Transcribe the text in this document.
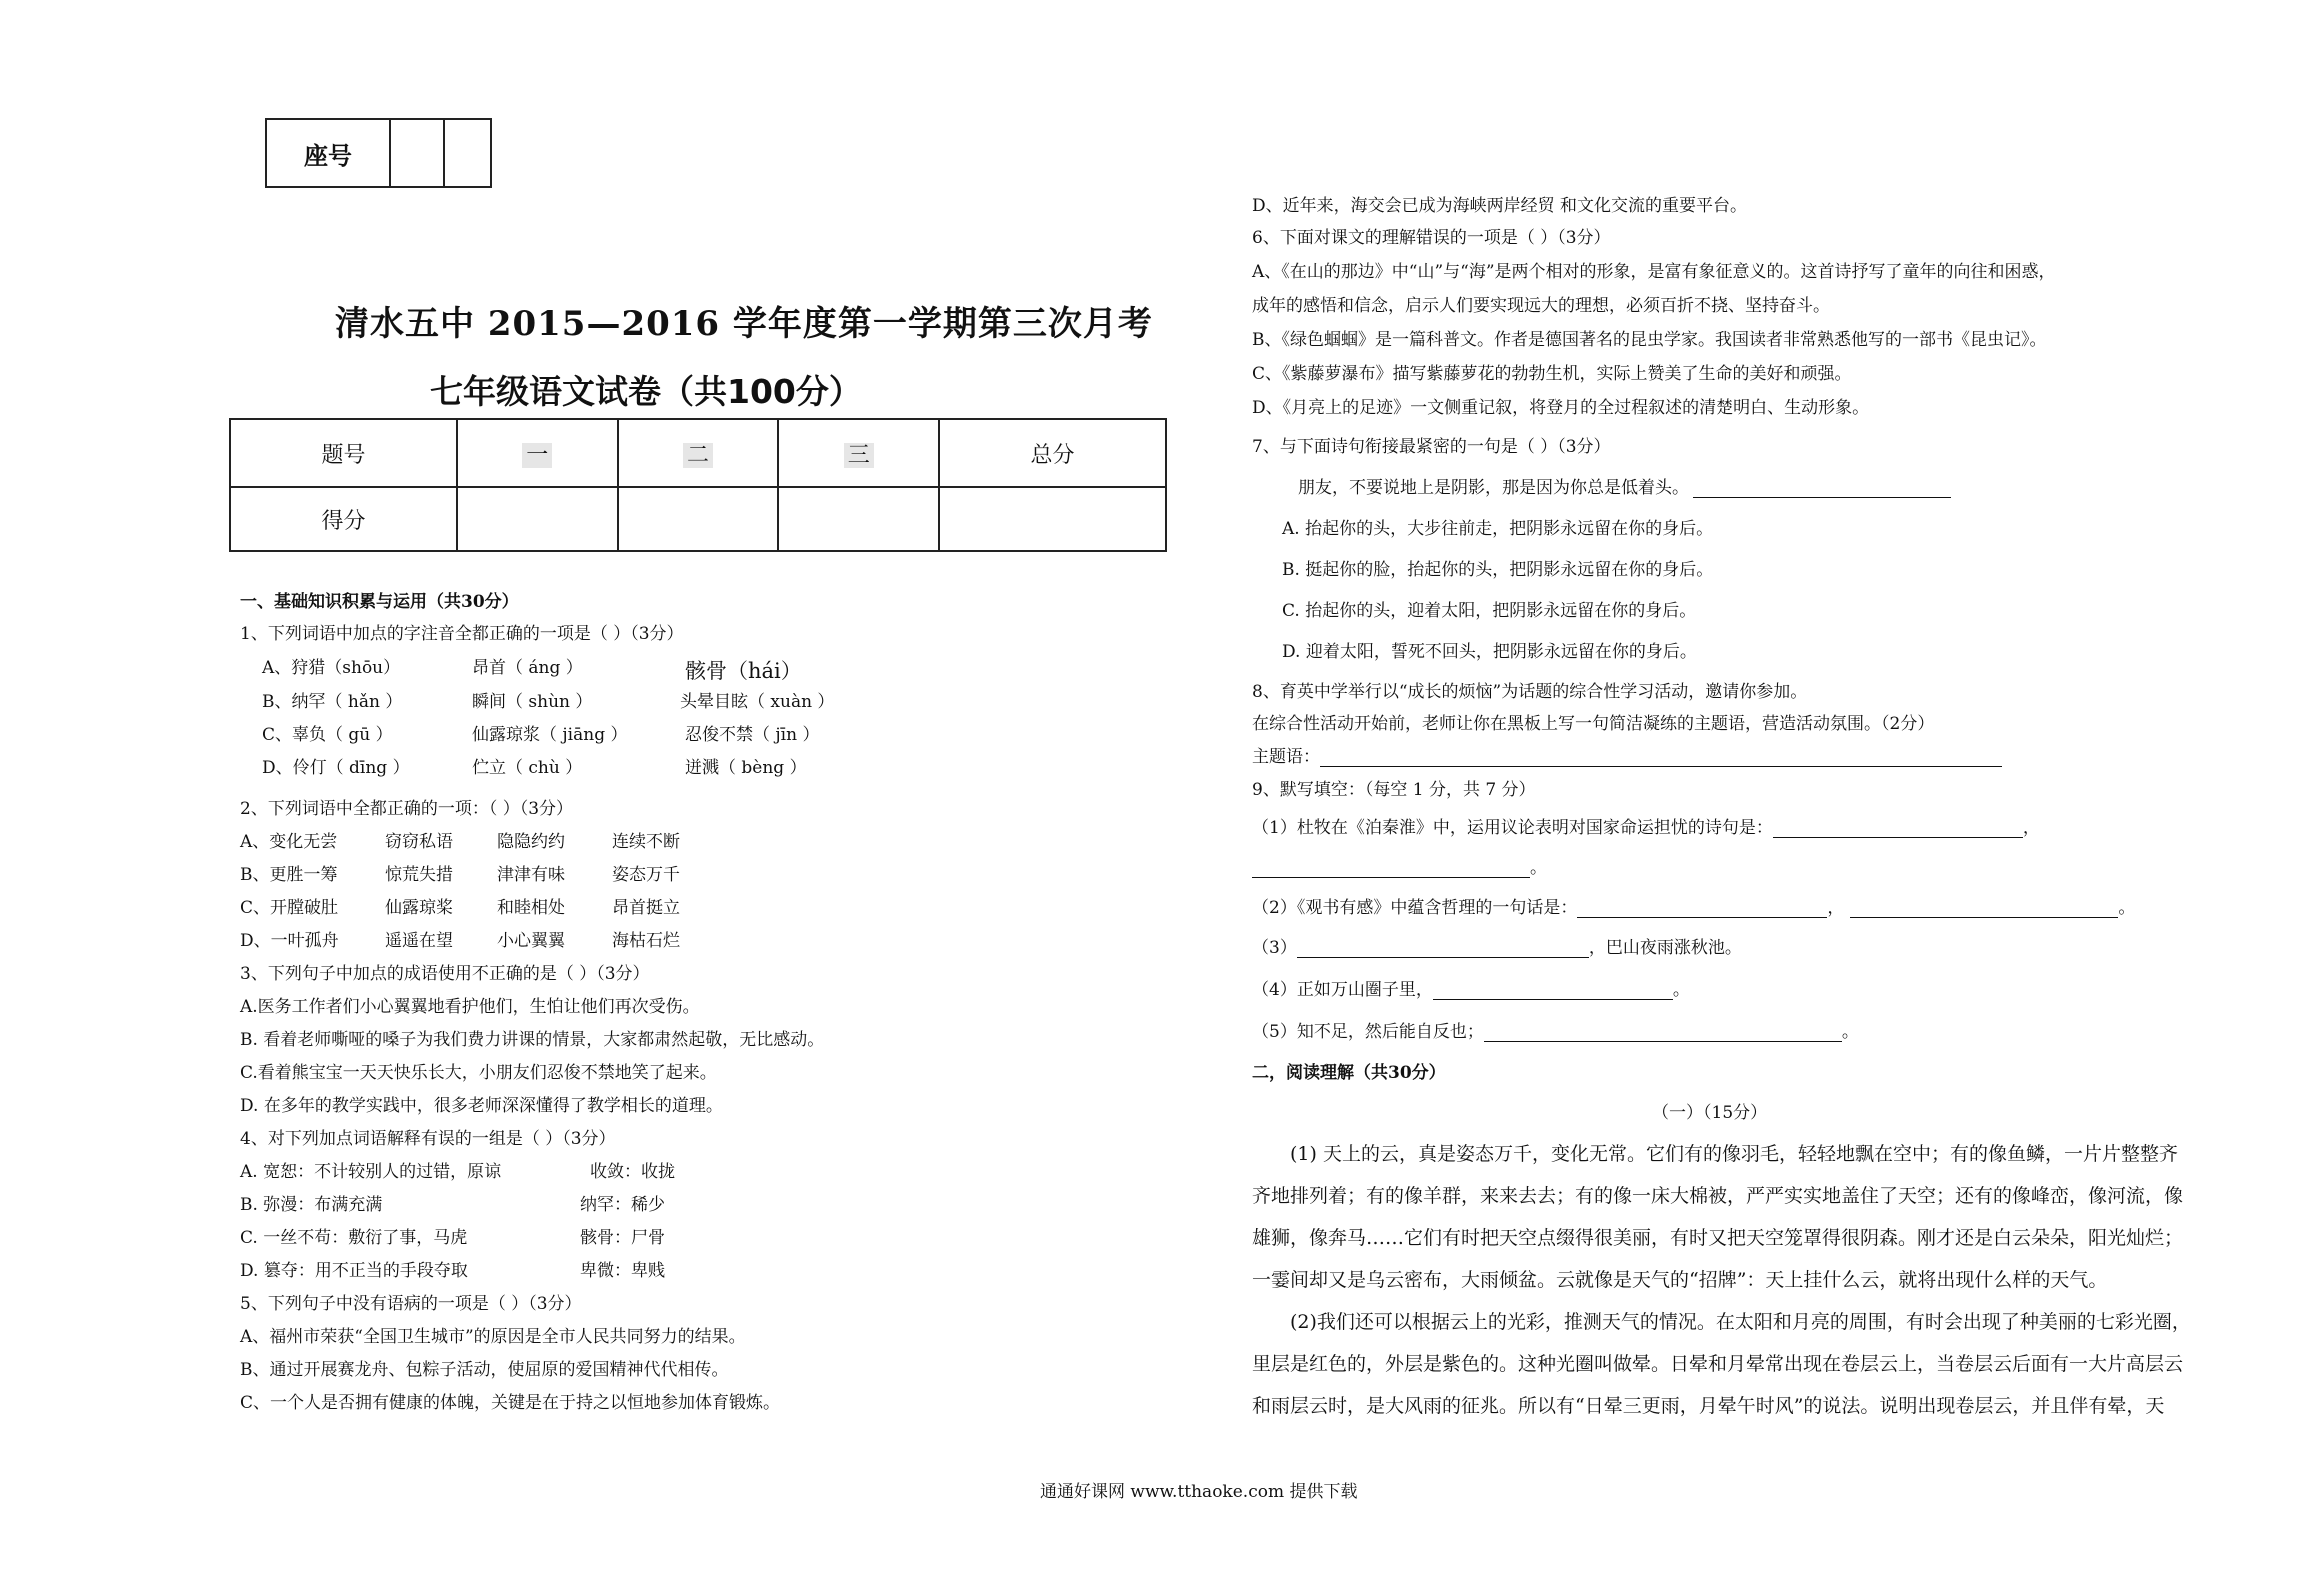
座号
清水五中 2015—2016 学年度第一学期第三次月考
七年级语文试卷（共100分）
题号	一	二	三	总分
得分				
一、基础知识积累与运用（共30分）
1、下列词语中加点的字注音全都正确的一项是（ ）（3分）
A、狩猎（shōu）	昂首（ áng ）	骸骨（hái）
B、纳罕（ hǎn ）	瞬间（ shùn ）	头晕目眩（ xuàn ）
C、辜负（ gū ）	仙露琼浆（ jiāng ）	忍俊不禁（ jīn ）
D、伶仃（ dīng ）	伫立（ chù ）	迸溅（ bèng ）
2、下列词语中全都正确的一项：（ ）（3分）
A、变化无尝	窃窃私语	隐隐约约	连续不断
B、更胜一筹	惊荒失措	津津有味	姿态万千
C、开膛破肚	仙露琼桨	和睦相处	昂首挺立
D、一叶孤舟	遥遥在望	小心翼翼	海枯石烂
3、下列句子中加点的成语使用不正确的是（ ）（3分）
A.医务工作者们小心翼翼地看护他们，生怕让他们再次受伤。
B. 看着老师嘶哑的嗓子为我们费力讲课的情景，大家都肃然起敬，无比感动。
C.看着熊宝宝一天天快乐长大，小朋友们忍俊不禁地笑了起来。
D. 在多年的教学实践中，很多老师深深懂得了教学相长的道理。
4、对下列加点词语解释有误的一组是（ ）（3分）
A. 宽恕：不计较别人的过错，原谅	收敛：收拢
B. 弥漫：布满充满	纳罕：稀少
C. 一丝不苟：敷衍了事，马虎	骸骨：尸骨
D. 篡夺：用不正当的手段夺取	卑微：卑贱
5、下列句子中没有语病的一项是（ ）（3分）
A、福州市荣获“全国卫生城市”的原因是全市人民共同努力的结果。
B、通过开展赛龙舟、包粽子活动，使屈原的爱国精神代代相传。
C、一个人是否拥有健康的体魄，关键是在于持之以恒地参加体育锻炼。
D、近年来，海交会已成为海峡两岸经贸 和文化交流的重要平台。
6、下面对课文的理解错误的一项是（ ）（3分）
A、《在山的那边》中“山”与“海”是两个相对的形象，是富有象征意义的。这首诗抒写了童年的向往和困惑，
成年的感悟和信念，启示人们要实现远大的理想，必须百折不挠、坚持奋斗。
B、《绿色蝈蝈》是一篇科普文。作者是德国著名的昆虫学家。我国读者非常熟悉他写的一部书《昆虫记》。
C、《紫藤萝瀑布》描写紫藤萝花的勃勃生机，实际上赞美了生命的美好和顽强。
D、《月亮上的足迹》一文侧重记叙，将登月的全过程叙述的清楚明白、生动形象。
7、与下面诗句衔接最紧密的一句是（ ）（3分）
朋友，不要说地上是阴影，那是因为你总是低着头。
A. 抬起你的头，大步往前走，把阴影永远留在你的身后。
B. 挺起你的脸，抬起你的头，把阴影永远留在你的身后。
C. 抬起你的头，迎着太阳，把阴影永远留在你的身后。
D. 迎着太阳，誓死不回头，把阴影永远留在你的身后。
8、育英中学举行以“成长的烦恼”为话题的综合性学习活动，邀请你参加。
在综合性活动开始前，老师让你在黑板上写一句简洁凝练的主题语，营造活动氛围。（2分）
主题语：
9、默写填空：（每空 1 分，共 7 分）
（1）杜牧在《泊秦淮》中，运用议论表明对国家命运担忧的诗句是：	，
。
（2）《观书有感》中蕴含哲理的一句话是：	，	。
（3）	，巴山夜雨涨秋池。
（4）正如万山圈子里，	。
（5）知不足，然后能自反也；	。
二，阅读理解（共30分）
（一）（15分）
(1) 天上的云，真是姿态万千，变化无常。它们有的像羽毛，轻轻地飘在空中；有的像鱼鳞，一片片整整齐
齐地排列着；有的像羊群，来来去去；有的像一床大棉被，严严实实地盖住了天空；还有的像峰峦，像河流，像
雄狮，像奔马……它们有时把天空点缀得很美丽，有时又把天空笼罩得很阴森。刚才还是白云朵朵，阳光灿烂；
一霎间却又是乌云密布，大雨倾盆。云就像是天气的“招牌”：天上挂什么云，就将出现什么样的天气。
(2)我们还可以根据云上的光彩，推测天气的情况。在太阳和月亮的周围，有时会出现了种美丽的七彩光圈，
里层是红色的，外层是紫色的。这种光圈叫做晕。日晕和月晕常出现在卷层云上，当卷层云后面有一大片高层云
和雨层云时，是大风雨的征兆。所以有“日晕三更雨，月晕午时风”的说法。说明出现卷层云，并且伴有晕，天
通通好课网 www.tthaoke.com 提供下载
